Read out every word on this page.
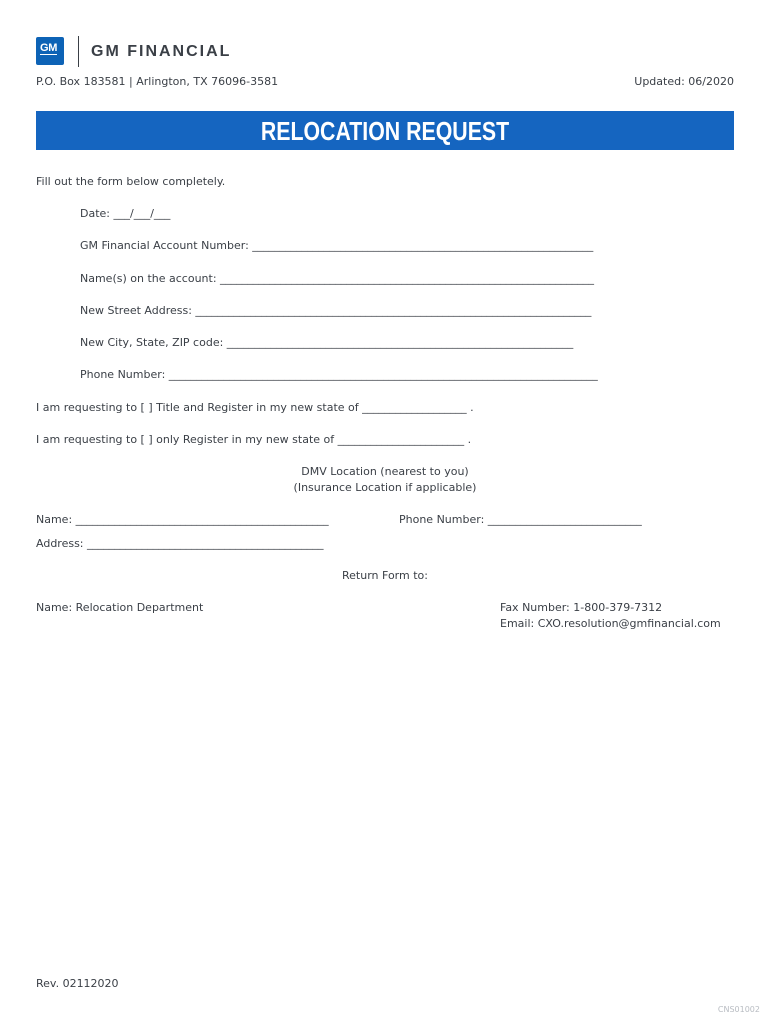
GM GM FINANCIAL
P.O. Box 183581 | Arlington, TX 76096-3581	Updated: 06/2020
RELOCATION REQUEST
Fill out the form below completely.
Date: ___/___/___
GM Financial Account Number: ______________________________________________________________
Name(s) on the account: ____________________________________________________________________
New Street Address: ________________________________________________________________________
New City, State, ZIP code: _______________________________________________________________
Phone Number: ______________________________________________________________________________
I am requesting to [ ] Title and Register in my new state of ___________________ .
I am requesting to [ ] only Register in my new state of _______________________ .
DMV Location (nearest to you)
(Insurance Location if applicable)
Name: ______________________________________________	Phone Number: ____________________________
Address: ___________________________________________
Return Form to:
Name: Relocation Department	Fax Number: 1-800-379-7312
Email: CXO.resolution@gmfinancial.com
Rev. 02112020
CNS01002
